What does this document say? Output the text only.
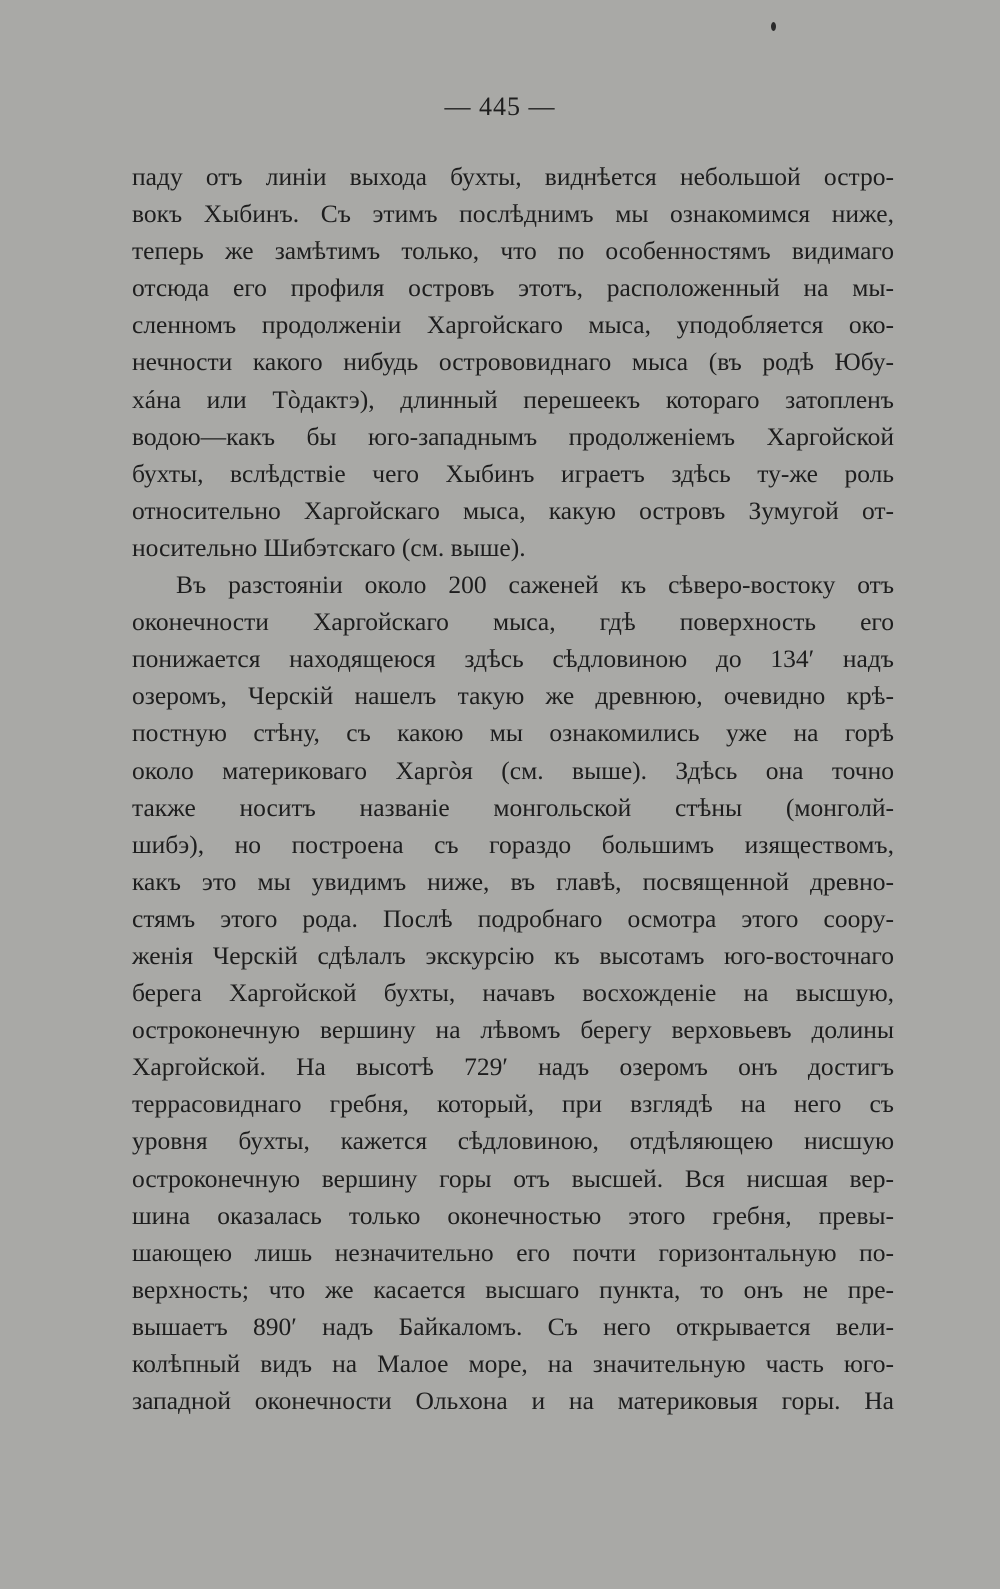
— 445 —
паду отъ линіи выхода бухты, виднѣется небольшой остро-
вокъ Хыбинъ. Съ этимъ послѣднимъ мы ознакомимся ниже,
теперь же замѣтимъ только, что по особенностямъ видимаго
отсюда его профиля островъ этотъ, расположенный на мы-
сленномъ продолженіи Харгойскаго мыса, уподобляется око-
нечности какого нибудь острововиднаго мыса (въ родѣ Юбу-
хáна или Тòдактэ), длинный перешеекъ котораго затопленъ
водою—какъ бы юго-западнымъ продолженіемъ Харгойской
бухты, вслѣдствіе чего Хыбинъ играетъ здѣсь ту-же роль
относительно Харгойскаго мыса, какую островъ Зумугой от-
носительно Шибэтскаго (см. выше).
Въ разстояніи около 200 саженей къ сѣверо-востоку отъ
оконечности Харгойскаго мыса, гдѣ поверхность его
понижается находящеюся здѣсь сѣдловиною до 134′ надъ
озеромъ, Черскій нашелъ такую же древнюю, очевидно крѣ-
постную стѣну, съ какою мы ознакомились уже на горѣ
около материковаго Харгòя (см. выше). Здѣсь она точно
также носитъ названіе монгольской стѣны (монголй-
шибэ), но построена съ гораздо большимъ изяществомъ,
какъ это мы увидимъ ниже, въ главѣ, посвященной древно-
стямъ этого рода. Послѣ подробнаго осмотра этого соору-
женія Черскій сдѣлалъ экскурсію къ высотамъ юго-восточнаго
берега Харгойской бухты, начавъ восхожденіе на высшую,
остроконечную вершину на лѣвомъ берегу верховьевъ долины
Харгойской. На высотѣ 729′ надъ озеромъ онъ достигъ
террасовиднаго гребня, который, при взглядѣ на него съ
уровня бухты, кажется сѣдловиною, отдѣляющею нисшую
остроконечную вершину горы отъ высшей. Вся нисшая вер-
шина оказалась только оконечностью этого гребня, превы-
шающею лишь незначительно его почти горизонтальную по-
верхность; что же касается высшаго пункта, то онъ не пре-
вышаетъ 890′ надъ Байкаломъ. Съ него открывается вели-
колѣпный видъ на Малое море, на значительную часть юго-
западной оконечности Ольхона и на материковыя горы. На
